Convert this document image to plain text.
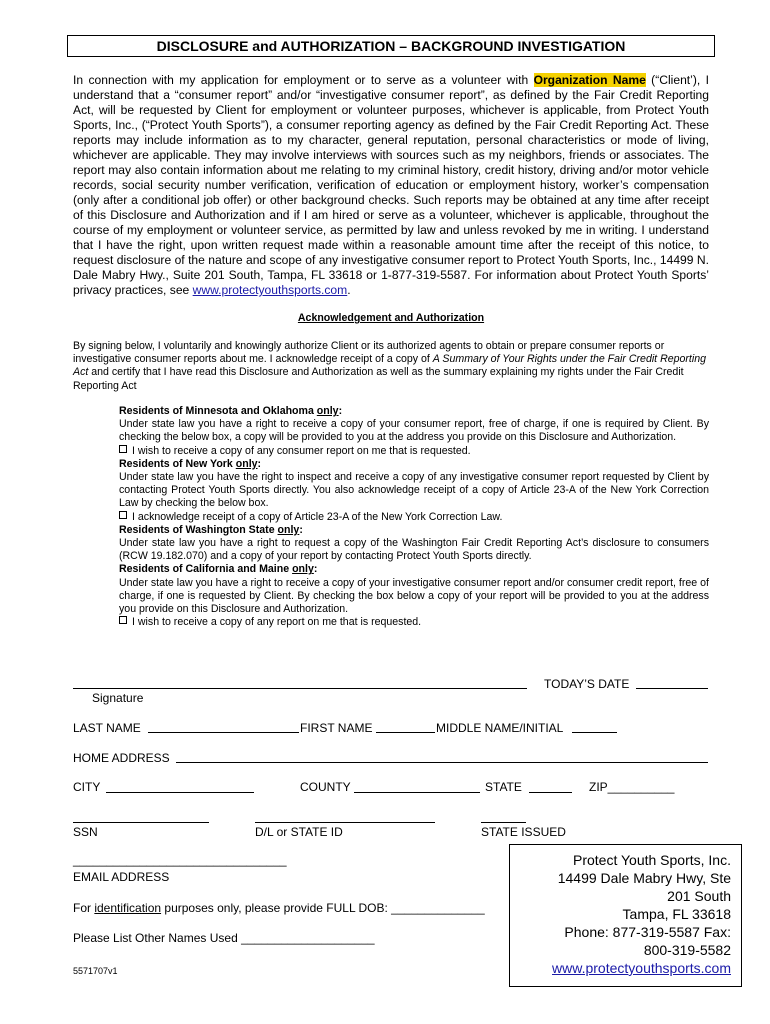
DISCLOSURE and AUTHORIZATION – BACKGROUND INVESTIGATION
In connection with my application for employment or to serve as a volunteer with Organization Name (“Client’), I understand that a “consumer report” and/or “investigative consumer report”, as defined by the Fair Credit Reporting Act, will be requested by Client for employment or volunteer purposes, whichever is applicable, from Protect Youth Sports, Inc., (“Protect Youth Sports”), a consumer reporting agency as defined by the Fair Credit Reporting Act. These reports may include information as to my character, general reputation, personal characteristics or mode of living, whichever are applicable. They may involve interviews with sources such as my neighbors, friends or associates. The report may also contain information about me relating to my criminal history, credit history, driving and/or motor vehicle records, social security number verification, verification of education or employment history, worker’s compensation (only after a conditional job offer) or other background checks. Such reports may be obtained at any time after receipt of this Disclosure and Authorization and if I am hired or serve as a volunteer, whichever is applicable, throughout the course of my employment or volunteer service, as permitted by law and unless revoked by me in writing. I understand that I have the right, upon written request made within a reasonable amount time after the receipt of this notice, to request disclosure of the nature and scope of any investigative consumer report to Protect Youth Sports, Inc., 14499 N. Dale Mabry Hwy., Suite 201 South, Tampa, FL 33618 or 1-877-319-5587. For information about Protect Youth Sports’ privacy practices, see www.protectyouthsports.com.
Acknowledgement and Authorization
By signing below, I voluntarily and knowingly authorize Client or its authorized agents to obtain or prepare consumer reports or investigative consumer reports about me. I acknowledge receipt of a copy of A Summary of Your Rights under the Fair Credit Reporting Act and certify that I have read this Disclosure and Authorization as well as the summary explaining my rights under the Fair Credit Reporting Act
Residents of Minnesota and Oklahoma only:
Under state law you have a right to receive a copy of your consumer report, free of charge, if one is required by Client. By checking the below box, a copy will be provided to you at the address you provide on this Disclosure and Authorization.
I wish to receive a copy of any consumer report on me that is requested.
Residents of New York only:
Under state law you have the right to inspect and receive a copy of any investigative consumer report requested by Client by contacting Protect Youth Sports directly. You also acknowledge receipt of a copy of Article 23-A of the New York Correction Law by checking the below box.
I acknowledge receipt of a copy of Article 23-A of the New York Correction Law.
Residents of Washington State only:
Under state law you have a right to request a copy of the Washington Fair Credit Reporting Act’s disclosure to consumers (RCW 19.182.070) and a copy of your report by contacting Protect Youth Sports directly.
Residents of California and Maine only:
Under state law you have a right to receive a copy of your investigative consumer report and/or consumer credit report, free of charge, if one is requested by Client. By checking the box below a copy of your report will be provided to you at the address you provide on this Disclosure and Authorization.
I wish to receive a copy of any report on me that is requested.
TODAY’S DATE
Signature
LAST NAME	FIRST NAME	MIDDLE NAME/INITIAL
HOME ADDRESS
CITY	COUNTY	STATE	ZIP__________
SSN	D/L or STATE ID	STATE ISSUED
________________________________
EMAIL ADDRESS
For identification purposes only, please provide FULL DOB: ______________
Please List Other Names Used ____________________
5571707v1
Protect Youth Sports, Inc.
14499 Dale Mabry Hwy, Ste
201 South
Tampa, FL 33618
Phone: 877-319-5587 Fax:
800-319-5582
www.protectyouthsports.com
